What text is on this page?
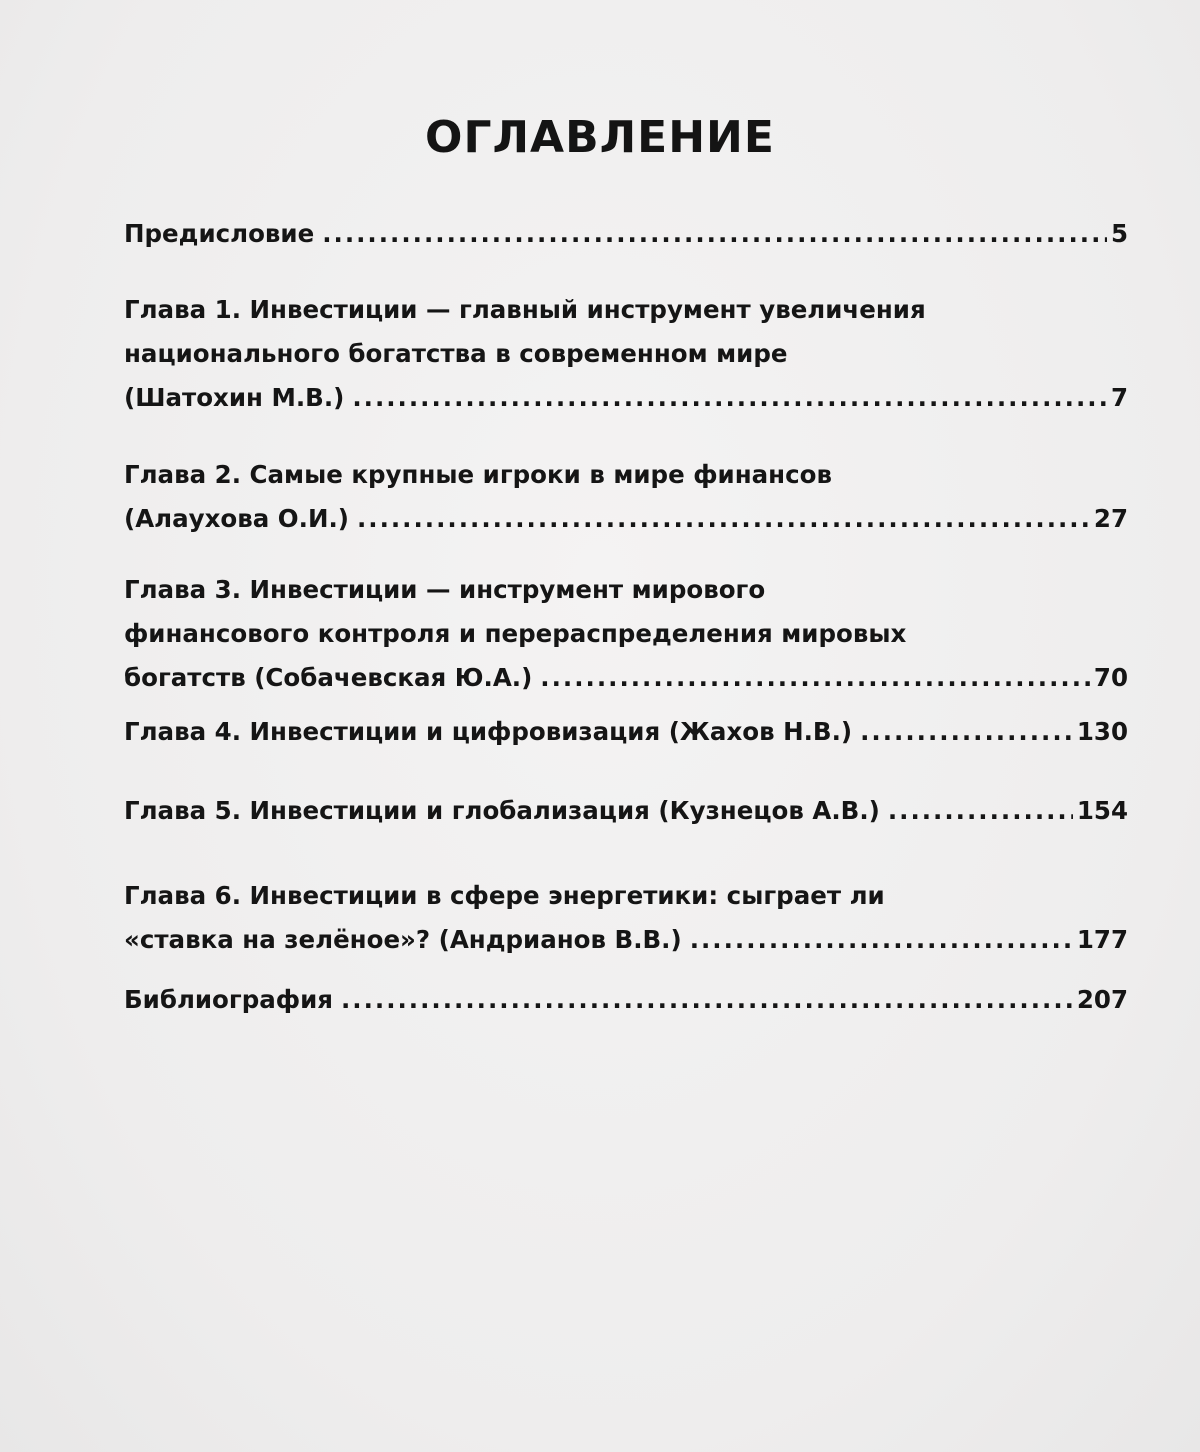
ОГЛАВЛЕНИЕ
Предисловие .....	5
Глава 1. Инвестиции — главный инструмент увеличения
национального богатства в современном мире
(Шатохин М.В.) .....	7
Глава 2. Самые крупные игроки в мире финансов
(Алаухова О.И.) .....	27
Глава 3. Инвестиции — инструмент мирового
финансового контроля и перераспределения мировых
богатств (Собачевская Ю.А.) .....	70
Глава 4. Инвестиции и цифровизация (Жахов Н.В.) .....	130
Глава 5. Инвестиции и глобализация (Кузнецов А.В.) .....	154
Глава 6. Инвестиции в сфере энергетики: сыграет ли
«ставка на зелёное»? (Андрианов В.В.) .....	177
Библиография .....	207
